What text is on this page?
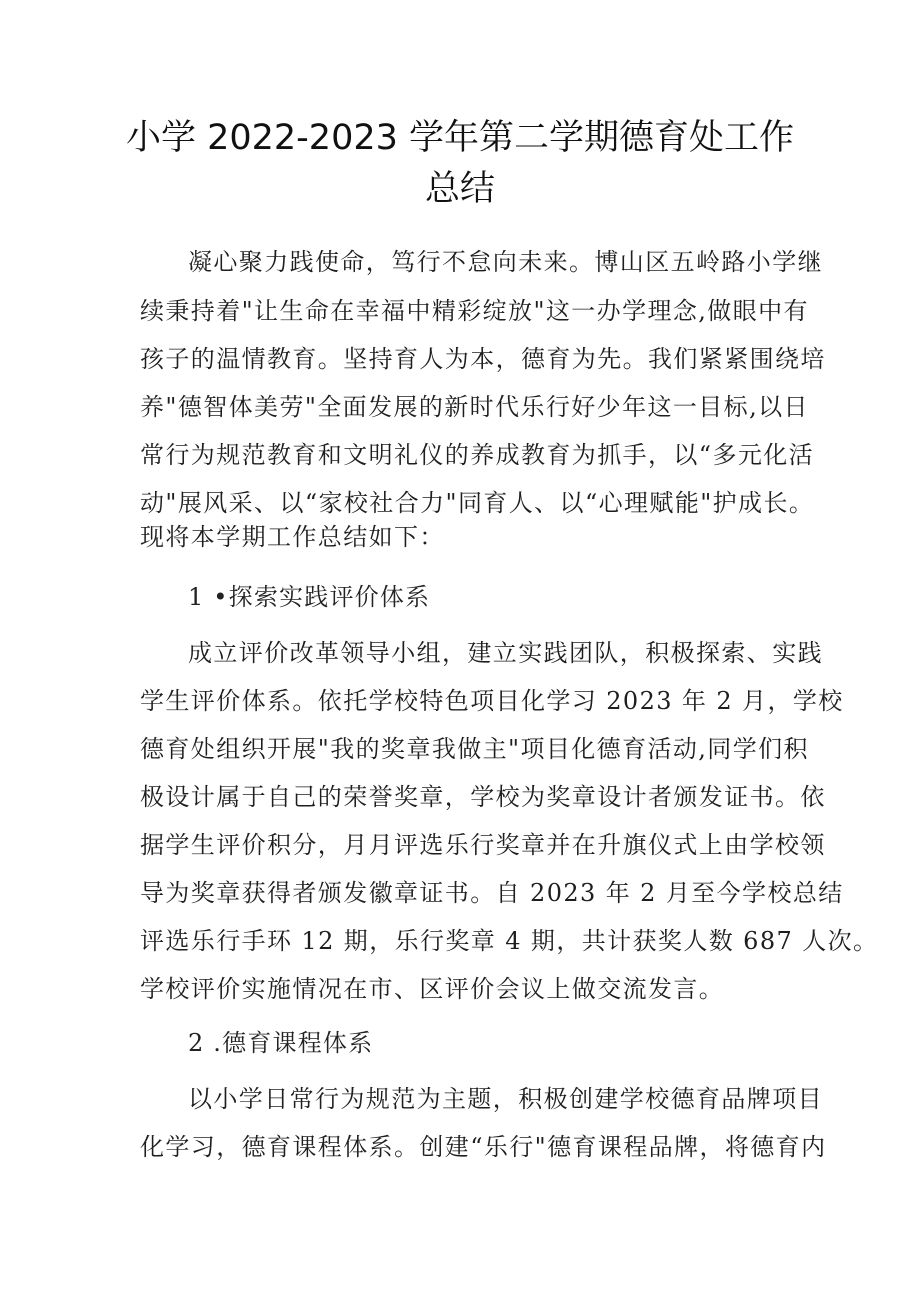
小学 2022-2023 学年第二学期德育处工作
总结
凝心聚力践使命，笃行不怠向未来。博山区五岭路小学继
续秉持着"让生命在幸福中精彩绽放"这一办学理念,做眼中有
孩子的温情教育。坚持育人为本，德育为先。我们紧紧围绕培
养"德智体美劳"全面发展的新时代乐行好少年这一目标,以日
常行为规范教育和文明礼仪的养成教育为抓手，以“多元化活
动"展风采、以“家校社合力"同育人、以“心理赋能"护成长。
现将本学期工作总结如下：
1 •探索实践评价体系
成立评价改革领导小组，建立实践团队，积极探索、实践
学生评价体系。依托学校特色项目化学习 2023 年 2 月，学校
德育处组织开展"我的奖章我做主"项目化德育活动,同学们积
极设计属于自己的荣誉奖章，学校为奖章设计者颁发证书。依
据学生评价积分，月月评选乐行奖章并在升旗仪式上由学校领
导为奖章获得者颁发徽章证书。自 2023 年 2 月至今学校总结
评选乐行手环 12 期，乐行奖章 4 期，共计获奖人数 687 人次。
学校评价实施情况在市、区评价会议上做交流发言。
2 .德育课程体系
以小学日常行为规范为主题，积极创建学校德育品牌项目
化学习，德育课程体系。创建“乐行"德育课程品牌，将德育内
